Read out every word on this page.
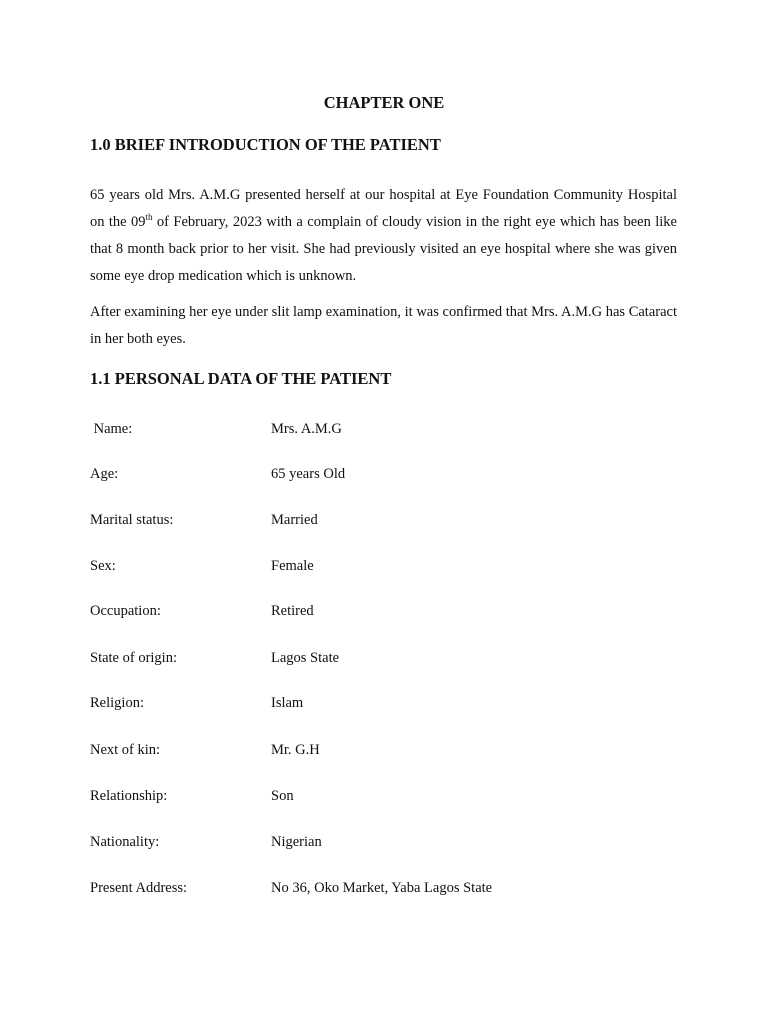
CHAPTER ONE
1.0 BRIEF INTRODUCTION OF THE PATIENT

65 years old Mrs. A.M.G presented herself at our hospital at Eye Foundation Community Hospital on the 09th of February, 2023 with a complain of cloudy vision in the right eye which has been like that 8 month back prior to her visit. She had previously visited an eye hospital where she was given some eye drop medication which is unknown.

After examining her eye under slit lamp examination, it was confirmed that Mrs. A.M.G has Cataract in her both eyes.

1.1 PERSONAL DATA OF THE PATIENT
Name:	Mrs. A.M.G
Age:	65 years Old
Marital status:	Married
Sex:	Female
Occupation:	Retired
State of origin:	Lagos State
Religion:	Islam
Next of kin:	Mr. G.H
Relationship:	Son
Nationality:	Nigerian
Present Address:	No 36, Oko Market, Yaba Lagos State
